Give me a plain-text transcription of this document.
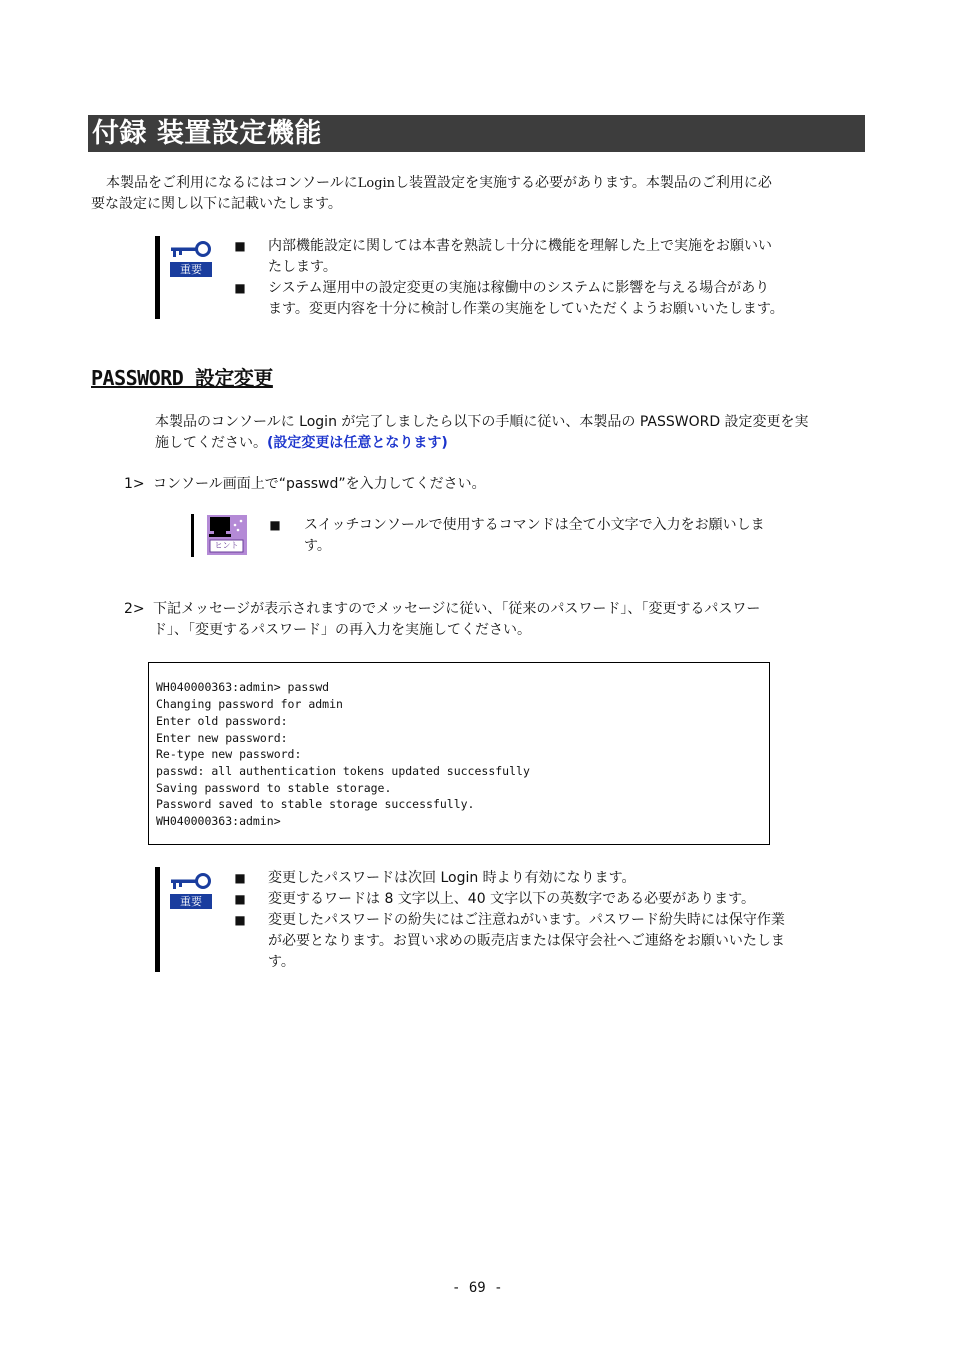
付録 装置設定機能
本製品をご利用になるにはコンソールにLoginし装置設定を実施する必要があります。本製品のご利用に必
要な設定に関し以下に記載いたします。
重要
■ 内部機能設定に関しては本書を熟読し十分に機能を理解した上で実施をお願いい
たします。
■ システム運用中の設定変更の実施は稼働中のシステムに影響を与える場合があり
ます。変更内容を十分に検討し作業の実施をしていただくようお願いいたします。
PASSWORD 設定変更
本製品のコンソールに Login が完了しましたら以下の手順に従い、本製品の PASSWORD 設定変更を実
施してください。(設定変更は任意となります)
1> コンソール画面上で“passwd”を入力してください。
ヒント
■ スイッチコンソールで使用するコマンドは全て小文字で入力をお願いしま
す。
2> 下記メッセージが表示されますのでメッセージに従い、「従来のパスワード」、「変更するパスワー
ド」、「変更するパスワード」の再入力を実施してください。
WH040000363:admin> passwd
Changing password for admin
Enter old password:
Enter new password:
Re-type new password:
passwd: all authentication tokens updated successfully
Saving password to stable storage.
Password saved to stable storage successfully.
WH040000363:admin>
重要
■ 変更したパスワードは次回 Login 時より有効になります。
■ 変更するワードは 8 文字以上、40 文字以下の英数字である必要があります。
■ 変更したパスワードの紛失にはご注意ねがいます。パスワード紛失時には保守作業
が必要となります。お買い求めの販売店または保守会社へご連絡をお願いいたしま
す。
- 69 -
